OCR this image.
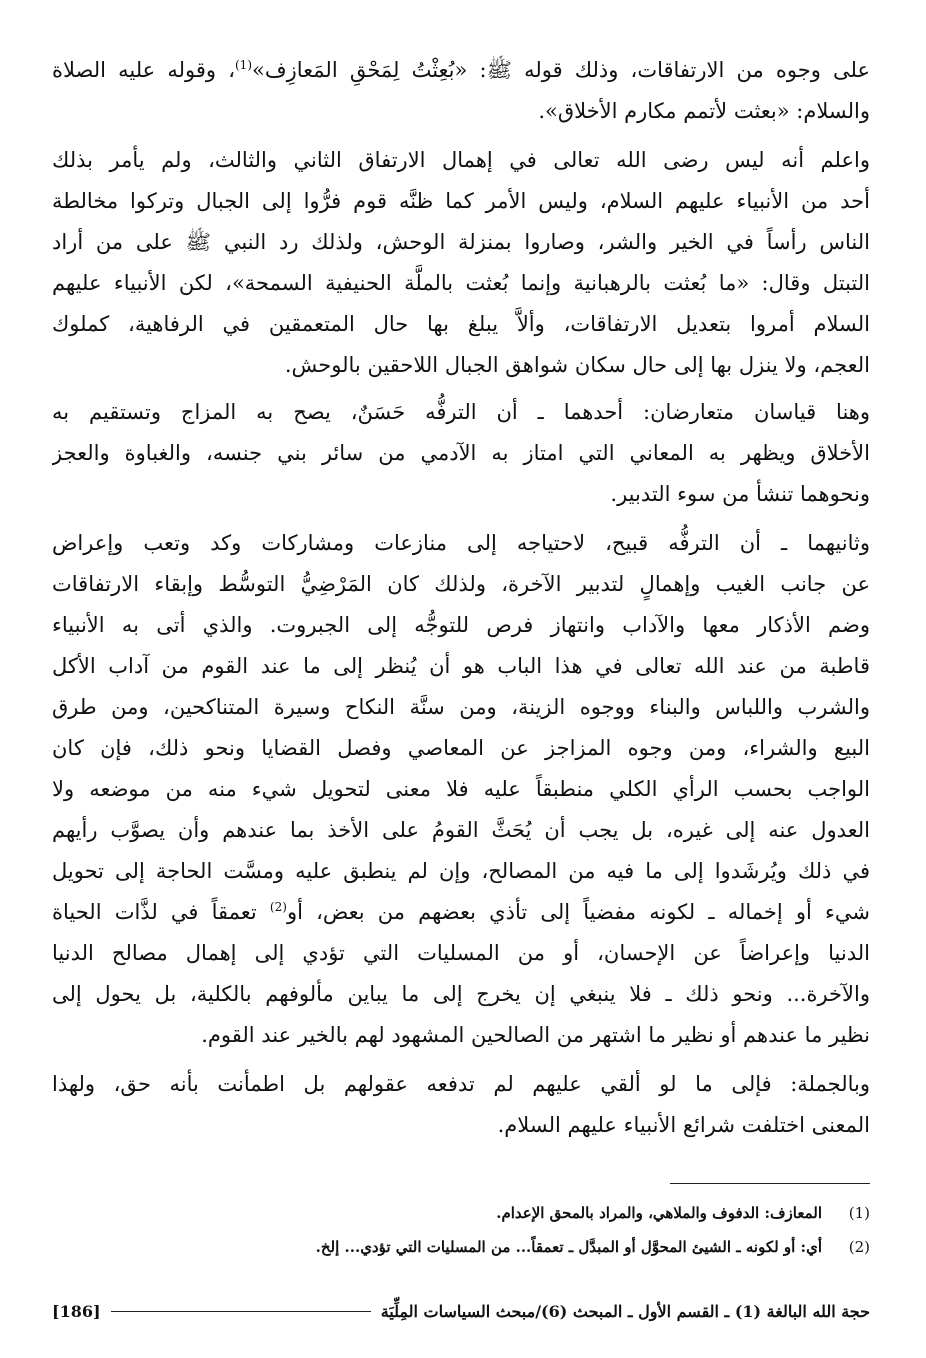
على وجوه من الارتفاقات، وذلك قوله ﷺ: «بُعِثْتُ لِمَحْقِ المَعازِف»$^{(1)}$، وقوله عليه الصلاة
والسلام: «بعثت لأتمم مكارم الأخلاق».

واعلم أنه ليس رضى الله تعالى في إهمال الارتفاق الثاني والثالث، ولم يأمر بذلك
أحد من الأنبياء عليهم السلام، وليس الأمر كما ظنَّه قوم فرُّوا إلى الجبال وتركوا مخالطة
الناس رأساً في الخير والشر، وصاروا بمنزلة الوحش، ولذلك رد النبي ﷺ على من أراد
التبتل وقال: «ما بُعثت بالرهبانية وإنما بُعثت بالملَّة الحنيفية السمحة»، لكن الأنبياء عليهم
السلام أمروا بتعديل الارتفاقات، وألاَّ يبلغ بها حال المتعمقين في الرفاهية، كملوك
العجم، ولا ينزل بها إلى حال سكان شواهق الجبال اللاحقين بالوحش.

وهنا قياسان متعارضان: أحدهما ـ أن الترفُّه حَسَنٌ، يصح به المزاج وتستقيم به
الأخلاق ويظهر به المعاني التي امتاز به الآدمي من سائر بني جنسه، والغباوة والعجز
ونحوهما تنشأ من سوء التدبير.

وثانيهما ـ أن الترفُّه قبيح، لاحتياجه إلى منازعات ومشاركات وكد وتعب وإعراض
عن جانب الغيب وإهمالٍ لتدبير الآخرة، ولذلك كان المَرْضِيُّ التوسُّط وإبقاء الارتفاقات
وضم الأذكار معها والآداب وانتهاز فرص للتوجُّه إلى الجبروت. والذي أتى به الأنبياء
قاطبة من عند الله تعالى في هذا الباب هو أن يُنظر إلى ما عند القوم من آداب الأكل
والشرب واللباس والبناء ووجوه الزينة، ومن سنَّة النكاح وسيرة المتناكحين، ومن طرق
البيع والشراء، ومن وجوه المزاجز عن المعاصي وفصل القضايا ونحو ذلك، فإن كان
الواجب بحسب الرأي الكلي منطبقاً عليه فلا معنى لتحويل شيء منه من موضعه ولا
العدول عنه إلى غيره، بل يجب أن يُحَثَّ القومُ على الأخذ بما عندهم وأن يصوَّب رأيهم
في ذلك ويُرشَدوا إلى ما فيه من المصالح، وإن لم ينطبق عليه ومسَّت الحاجة إلى تحويل
شيء أو إخماله ـ لكونه مفضياً إلى تأذي بعضهم من بعض، أو$^{(2)}$ تعمقاً في لذَّات الحياة
الدنيا وإعراضاً عن الإحسان، أو من المسليات التي تؤدي إلى إهمال مصالح الدنيا
والآخرة... ونحو ذلك ـ فلا ينبغي إن يخرج إلى ما يباين مألوفهم بالكلية، بل يحول إلى
نظير ما عندهم أو نظير ما اشتهر من الصالحين المشهود لهم بالخير عند القوم.

وبالجملة: فإلى ما لو ألقي عليهم لم تدفعه عقولهم بل اطمأنت بأنه حق، ولهذا
المعنى اختلفت شرائع الأنبياء عليهم السلام.

(1)
المعازف: الدفوف والملاهي، والمراد بالمحق الإعدام.
(2)
أي: أو لكونه ـ الشيئ المحوَّل أو المبدَّل ـ تعمقاً... من المسليات التي تؤدي... إلخ.
حجة الله البالغة (1) ـ القسم الأول ـ المبحث (6)/مبحث السياسات المِلِّيَة
[186]
